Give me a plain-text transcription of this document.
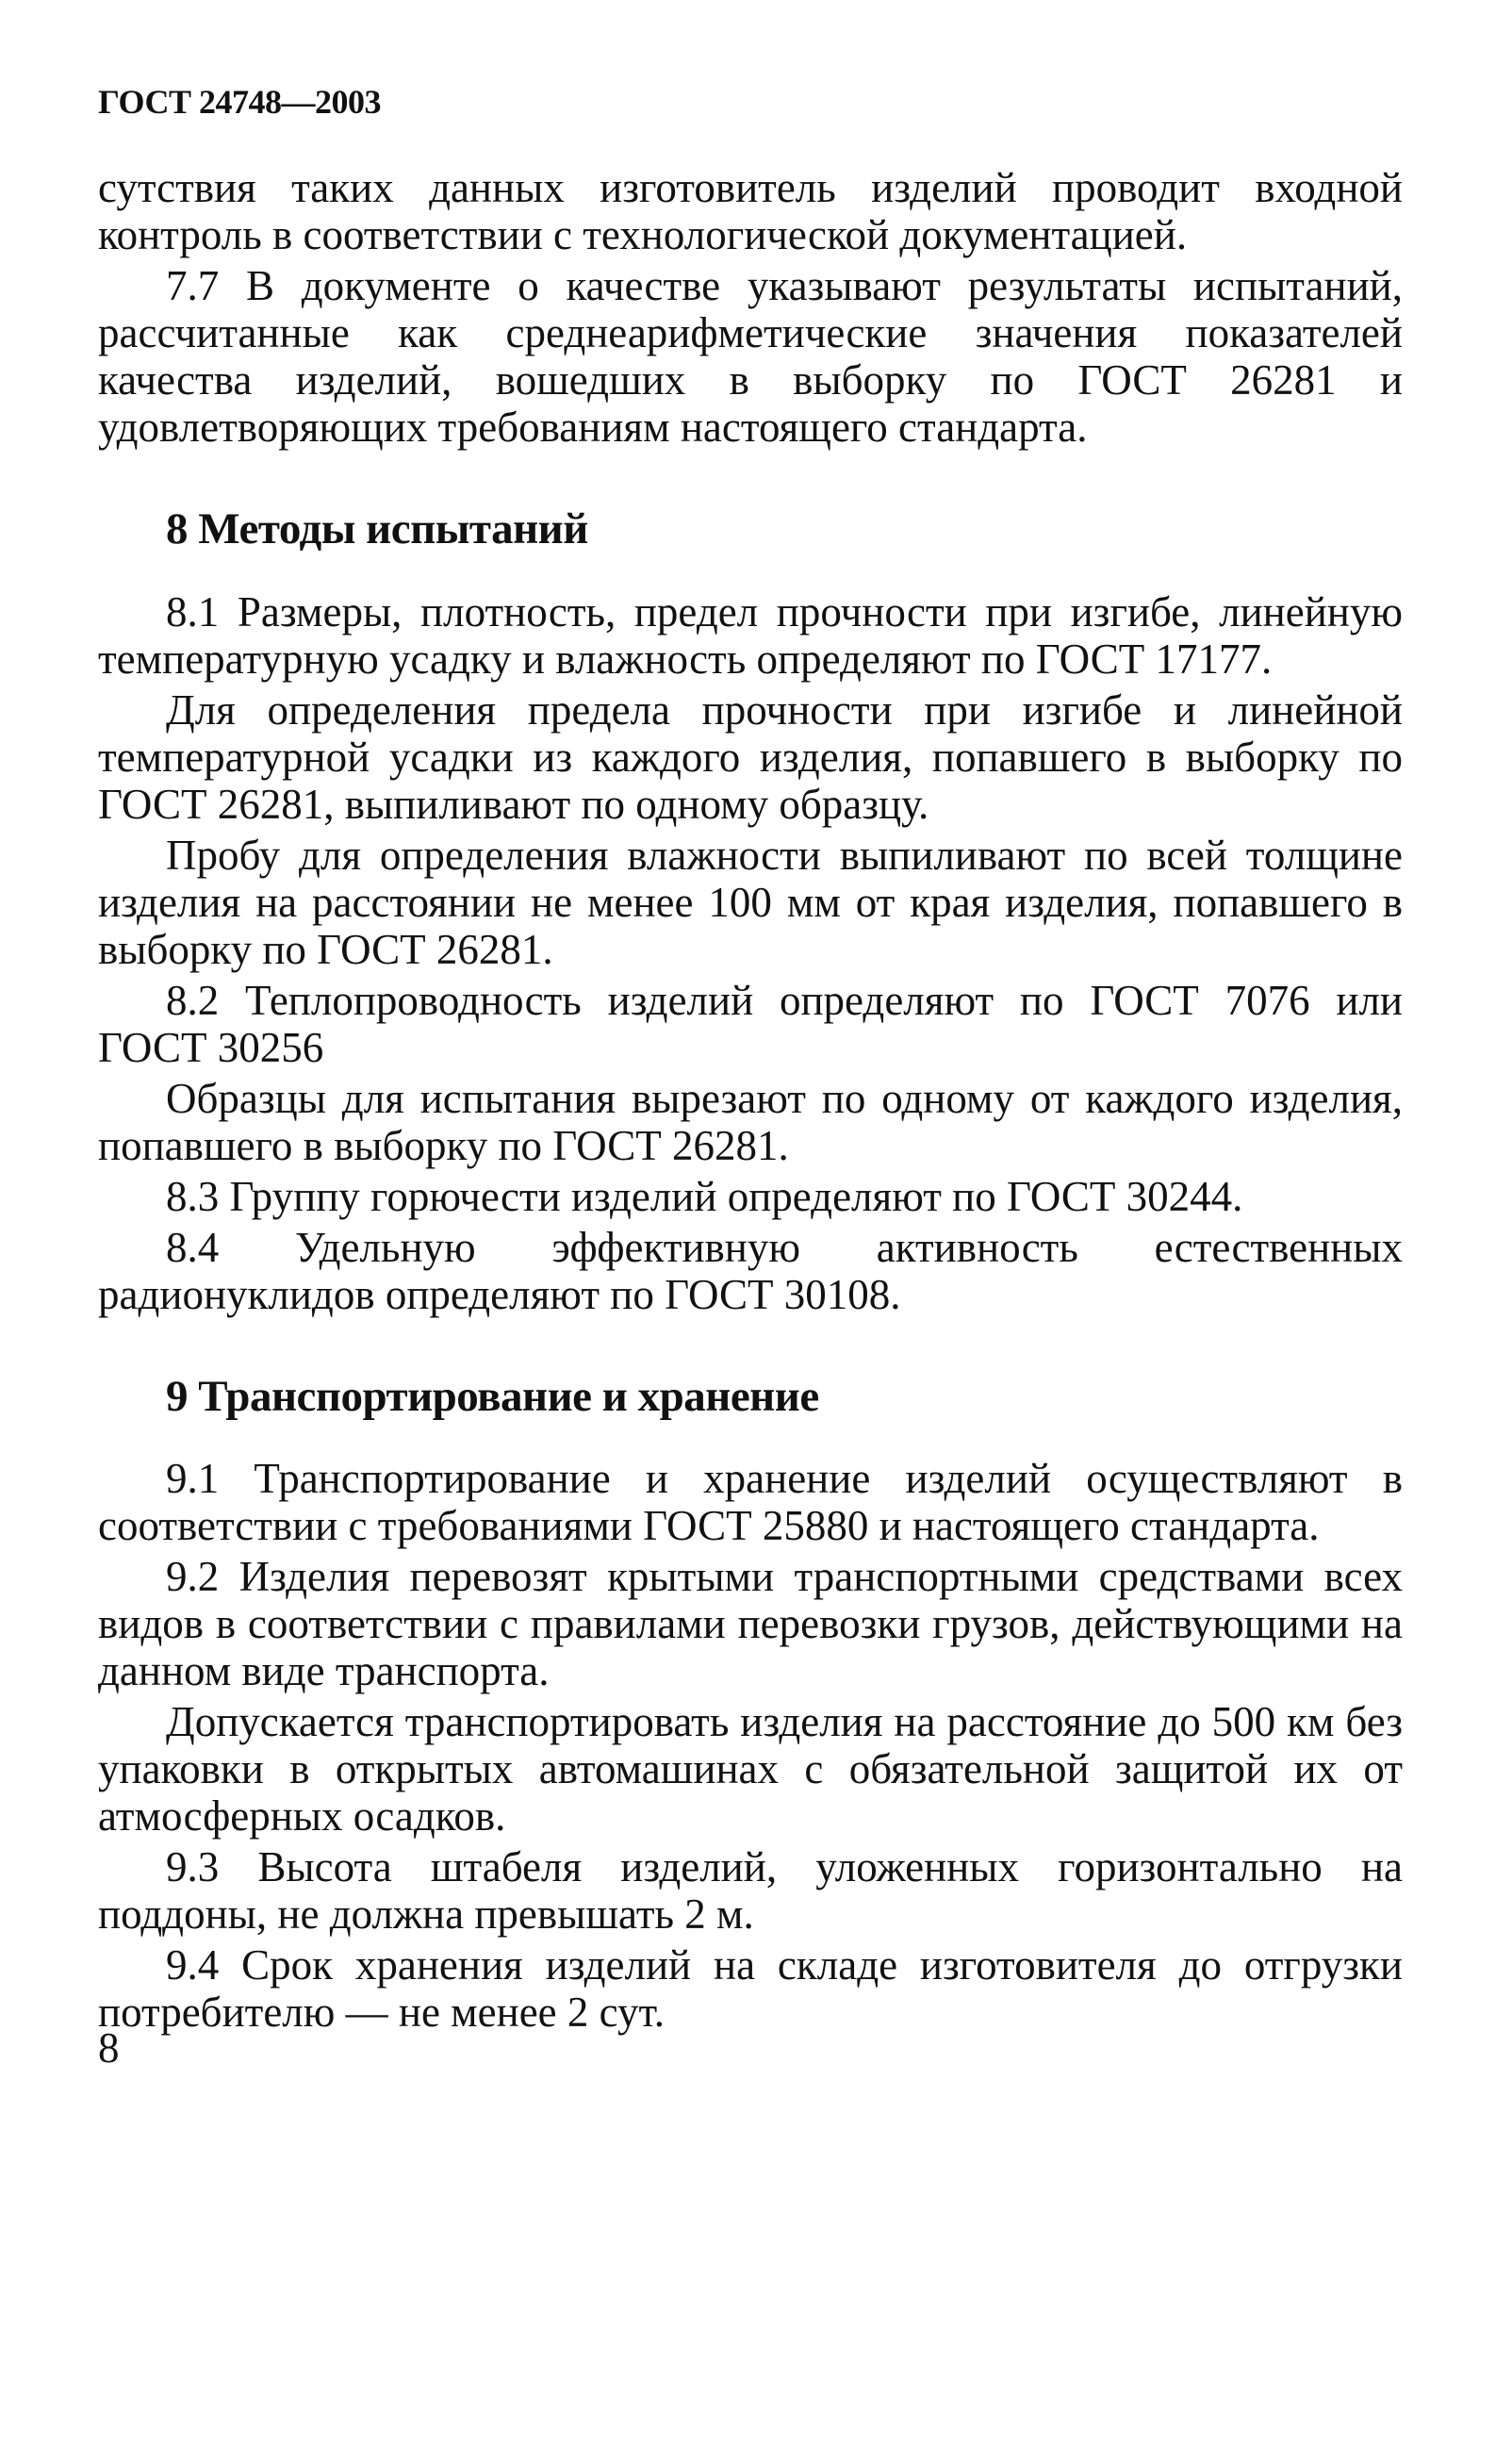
ГОСТ 24748—2003

сутствия таких данных изготовитель изделий проводит входной контроль в соответствии с технологической документацией.

7.7 В документе о качестве указывают результаты испытаний, рассчитанные как среднеарифметические значения показателей качества изделий, вошедших в выборку по ГОСТ 26281 и удовлетворяющих требованиям настоящего стандарта.

8 Методы испытаний

8.1 Размеры, плотность, предел прочности при изгибе, линейную температурную усадку и влажность определяют по ГОСТ 17177.

Для определения предела прочности при изгибе и линейной температурной усадки из каждого изделия, попавшего в выборку по ГОСТ 26281, выпиливают по одному образцу.

Пробу для определения влажности выпиливают по всей толщине изделия на расстоянии не менее 100 мм от края изделия, попавшего в выборку по ГОСТ 26281.

8.2 Теплопроводность изделий определяют по ГОСТ 7076 или ГОСТ 30256

Образцы для испытания вырезают по одному от каждого изделия, попавшего в выборку по ГОСТ 26281.

8.3 Группу горючести изделий определяют по ГОСТ 30244.

8.4 Удельную эффективную активность естественных радионуклидов определяют по ГОСТ 30108.

9 Транспортирование и хранение

9.1 Транспортирование и хранение изделий осуществляют в соответствии с требованиями ГОСТ 25880 и настоящего стандарта.

9.2 Изделия перевозят крытыми транспортными средствами всех видов в соответствии с правилами перевозки грузов, действующими на данном виде транспорта.

Допускается транспортировать изделия на расстояние до 500 км без упаковки в открытых автомашинах с обязательной защитой их от атмосферных осадков.

9.3 Высота штабеля изделий, уложенных горизонтально на поддоны, не должна превышать 2 м.

9.4 Срок хранения изделий на складе изготовителя до отгрузки потребителю — не менее 2 сут.

8
